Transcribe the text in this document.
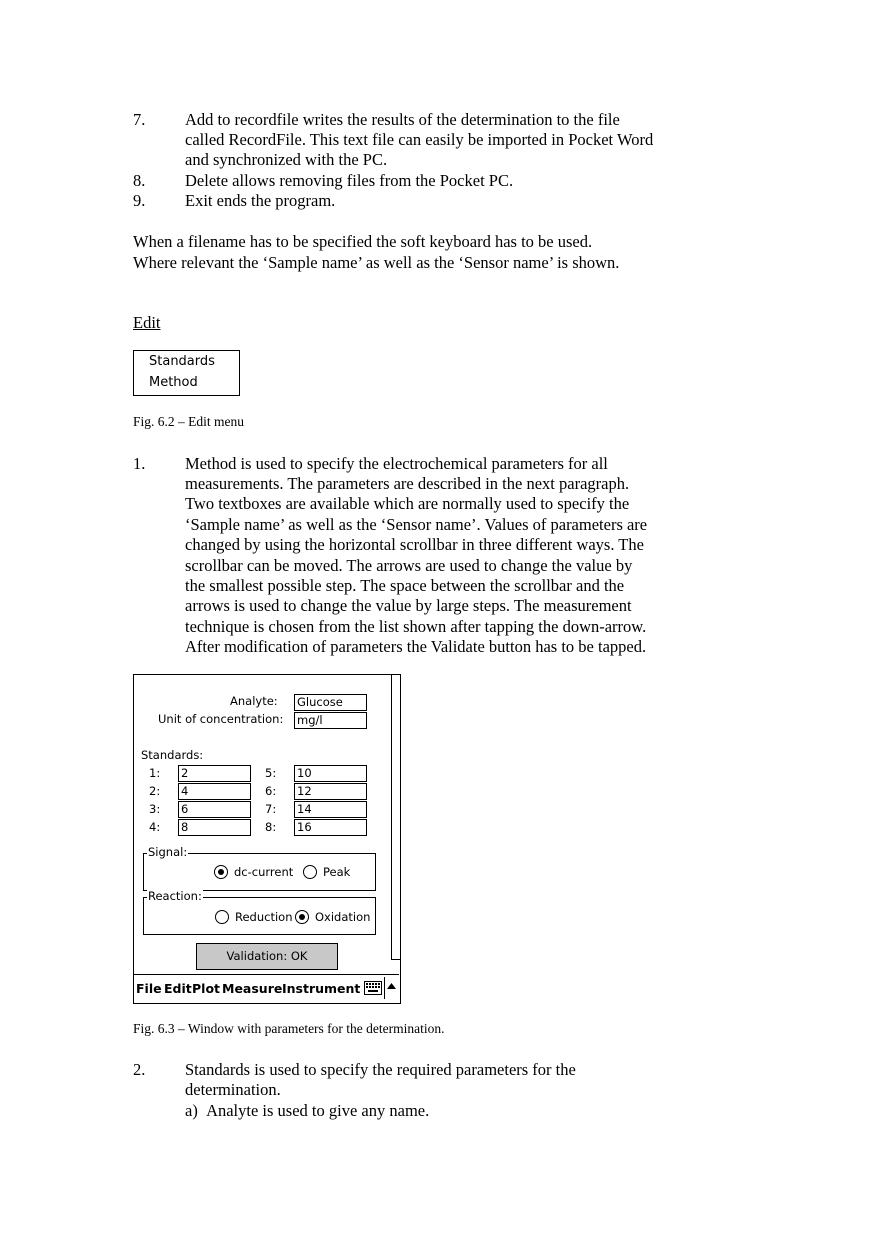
7. Add to recordfile writes the results of the determination to the file
called RecordFile. This text file can easily be imported in Pocket Word
and synchronized with the PC.
8. Delete allows removing files from the Pocket PC.
9. Exit ends the program.
When a filename has to be specified the soft keyboard has to be used.
Where relevant the ‘Sample name’ as well as the ‘Sensor name’ is shown.
Edit
Standards
Method
Fig. 6.2 – Edit menu
1. Method is used to specify the electrochemical parameters for all
measurements. The parameters are described in the next paragraph.
Two textboxes are available which are normally used to specify the
‘Sample name’ as well as the ‘Sensor name’. Values of parameters are
changed by using the horizontal scrollbar in three different ways. The
scrollbar can be moved. The arrows are used to change the value by
the smallest possible step. The space between the scrollbar and the
arrows is used to change the value by large steps. The measurement
technique is chosen from the list shown after tapping the down-arrow.
After modification of parameters the Validate button has to be tapped.
Analyte: Glucose
Unit of concentration: mg/l
Standards:
1: 2
2: 4
3: 6
4: 8
5: 10
6: 12
7: 14
8: 16
Signal:
dc-current	Peak
Reaction:
Reduction Oxidation
Validation: OK
File Edit Plot Measure Instrument
Fig. 6.3 – Window with parameters for the determination.
2. Standards is used to specify the required parameters for the
determination.
a) Analyte is used to give any name.
